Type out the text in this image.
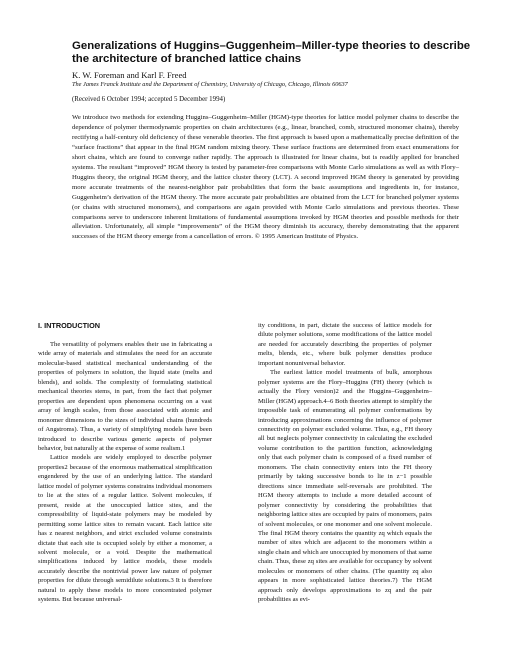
Generalizations of Huggins–Guggenheim–Miller-type theories to describe the architecture of branched lattice chains
K. W. Foreman and Karl F. Freed
The James Franck Institute and the Department of Chemistry, University of Chicago, Chicago, Illinois 60637
(Received 6 October 1994; accepted 5 December 1994)

We introduce two methods for extending Huggins–Guggenheim–Miller (HGM)-type theories for lattice model polymer chains to describe the dependence of polymer thermodynamic properties on chain architectures (e.g., linear, branched, comb, structured monomer chains), thereby rectifying a half-century old deficiency of these venerable theories. The first approach is based upon a mathematically precise definition of the “surface fractions” that appear in the final HGM random mixing theory. These surface fractions are determined from exact enumerations for short chains, which are found to converge rather rapidly. The approach is illustrated for linear chains, but is readily applied for branched systems. The resultant “improved” HGM theory is tested by parameter-free comparisons with Monte Carlo simulations as well as with Flory–Huggins theory, the original HGM theory, and the lattice cluster theory (LCT). A second improved HGM theory is generated by providing more accurate treatments of the nearest-neighbor pair probabilities that form the basic assumptions and ingredients in, for instance, Guggenheim’s derivation of the HGM theory. The more accurate pair probabilities are obtained from the LCT for branched polymer systems (or chains with structured monomers), and comparisons are again provided with Monte Carlo simulations and previous theories. These comparisons serve to underscore inherent limitations of fundamental assumptions invoked by HGM theories and possible methods for their alleviation. Unfortunately, all simple “improvements” of the HGM theory diminish its accuracy, thereby demonstrating that the apparent successes of the HGM theory emerge from a cancellation of errors. © 1995 American Institute of Physics.

I. INTRODUCTION

The versatility of polymers enables their use in fabricating a wide array of materials and stimulates the need for an accurate molecular-based statistical mechanical understanding of the properties of polymers in solution, the liquid state (melts and blends), and solids. The complexity of formulating statistical mechanical theories stems, in part, from the fact that polymer properties are dependent upon phenomena occurring on a vast array of length scales, from those associated with atomic and monomer dimensions to the sizes of individual chains (hundreds of Angstroms). Thus, a variety of simplifying models have been introduced to describe various generic aspects of polymer behavior, but naturally at the expense of some realism.1

Lattice models are widely employed to describe polymer properties2 because of the enormous mathematical simplification engendered by the use of an underlying lattice. The standard lattice model of polymer systems constrains individual monomers to lie at the sites of a regular lattice. Solvent molecules, if present, reside at the unoccupied lattice sites, and the compressibility of liquid-state polymers may be modeled by permitting some lattice sites to remain vacant. Each lattice site has z nearest neighbors, and strict excluded volume constraints dictate that each site is occupied solely by either a monomer, a solvent molecule, or a void. Despite the mathematical simplifications induced by lattice models, these models accurately describe the nontrivial power law nature of polymer properties for dilute through semidilute solutions.3 It is therefore natural to apply these models to more concentrated polymer systems. But because universal-

ity conditions, in part, dictate the success of lattice models for dilute polymer solutions, some modifications of the lattice model are needed for accurately describing the properties of polymer melts, blends, etc., where bulk polymer densities produce important nonuniversal behavior.

The earliest lattice model treatments of bulk, amorphous polymer systems are the Flory–Huggins (FH) theory (which is actually the Flory version)2 and the Huggins–Guggenheim–Miller (HGM) approach.4–6 Both theories attempt to simplify the impossible task of enumerating all polymer conformations by introducing approximations concerning the influence of polymer connectivity on polymer excluded volume. Thus, e.g., FH theory all but neglects polymer connectivity in calculating the excluded volume contribution to the partition function, acknowledging only that each polymer chain is composed of a fixed number of monomers. The chain connectivity enters into the FH theory primarily by taking successive bonds to lie in z−1 possible directions since immediate self-reversals are prohibited. The HGM theory attempts to include a more detailed account of polymer connectivity by considering the probabilities that neighboring lattice sites are occupied by pairs of monomers, pairs of solvent molecules, or one monomer and one solvent molecule. The final HGM theory contains the quantity zq which equals the number of sites which are adjacent to the monomers within a single chain and which are unoccupied by monomers of that same chain. Thus, these zq sites are available for occupancy by solvent molecules or monomers of other chains. (The quantity zq also appears in more sophisticated lattice theories.7) The HGM approach only develops approximations to zq and the pair probabilities as evi-
